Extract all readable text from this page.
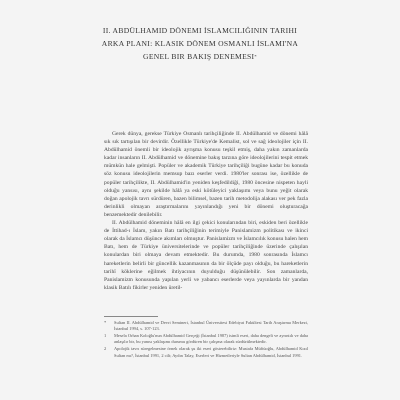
II. ABDÜLHAMID DÖNEMI İSLAMCILIĞININ TARIHI ARKA PLANI: KLASIK DÖNEM OSMANLI İSLAMI'NA GENEL BIR BAKIŞ DENEMESI*

Gerek dünya, gerekse Türkiye Osmanlı tarihçiliğinde II. Abdülhamid ve dönemi hâlâ sık sık tartışılan bir devirdir. Özellikle Türkiye'de Kemalist, sol ve sağ ideolojiler için II. Abdülhamid önemli bir ideolojik ayrışma konusu teşkil etmiş, daha yakın zamanlarda kadar insanların II. Abdülhamid ve dönemine bakış tarzına göre ideolojilerini tespit etmek mümkün hale gelmişti. Popüler ve akademik Türkiye tarihçiliği bugüne kadar bu konuda söz konusu ideolojilerin memsup bazı eserler verdi. 1980'ler sonrası ise, özellikle de popüler tarihçilikte, II. Abdülhamid'in yeniden keşfedildiği, 1980 öncesine nispeten hayli olduğu yansısı, aynı şekilde hâlâ ya eski kötüleyici yaklaşımı veya bunu yeğit olarak doğan apolojik tavrı sürdüren, bazen bilimsel, bazen tarih metodolija alakası ver pek fazla derinlikli olmayan araştırmalarını yayınlandığı yeni bir dönemi oluşturacağa benzemektedir denilebilir.

II. Abdülhamid döneminin hâlâ en ilgi çekici konularından biri, eskiden beri özellikle de İttihad-ı İslam, yakın Batı tarihçiliğinin terimiyle Panislamizm politikası ve ikinci olarak da İslamcı düşünce akımları olmuştur. Panislamizm ve İslamcılık konusu halen hem Batı, hem de Türkiye üniversitelerinde ve popüler tarihçiliğinde üzerinde çalışılan konulardan biri olmaya devam etmektedir. Bu durumda, 1980 sonrasında İslamcı hareketlerin belirli bir güncellik kazanmasının da bir ölçüde payı olduğu, bu hareketlerin tarihî köklerine eğilmek ihtiyacının duyulduğu düşünülebilir. Son zamanlarda, Panislamizm konusunda yapılan yerli ve yabancı eserlerde veya yayınlarda bir yandan klasik Batılı fikirler yeniden üretil-

*	Sultan II. Abdülhamid ve Devri Semineri, İstanbul Üniversitesi Edebiyat Fakültesi Tarih Araştırma Merkezi, İstanbul 1994, s. 107-123.
1	Mesela Orhan Koloğlu'nun Abdülhamid Gerçeği (İstanbul 1987) isimli eseri, daha dengeli ve ayrıntılı ve daha anlaşılır bir, bu yanısı yaklaşımı durumu gördüren bir çalışma olarak sürdürülmektedir.
2	Apolojik tavrı süregelmesine örnek olarak şu iki eseri gösterebiliriz: Mustafa Müftüoğlu, Abdülhamid Kızıl Sultan mı?, İstanbul 1991, 2 cilt; Aydın Talay, Eserleri ve Hizmetleriyle Sultan Abdülhamid, İstanbul 1991.
